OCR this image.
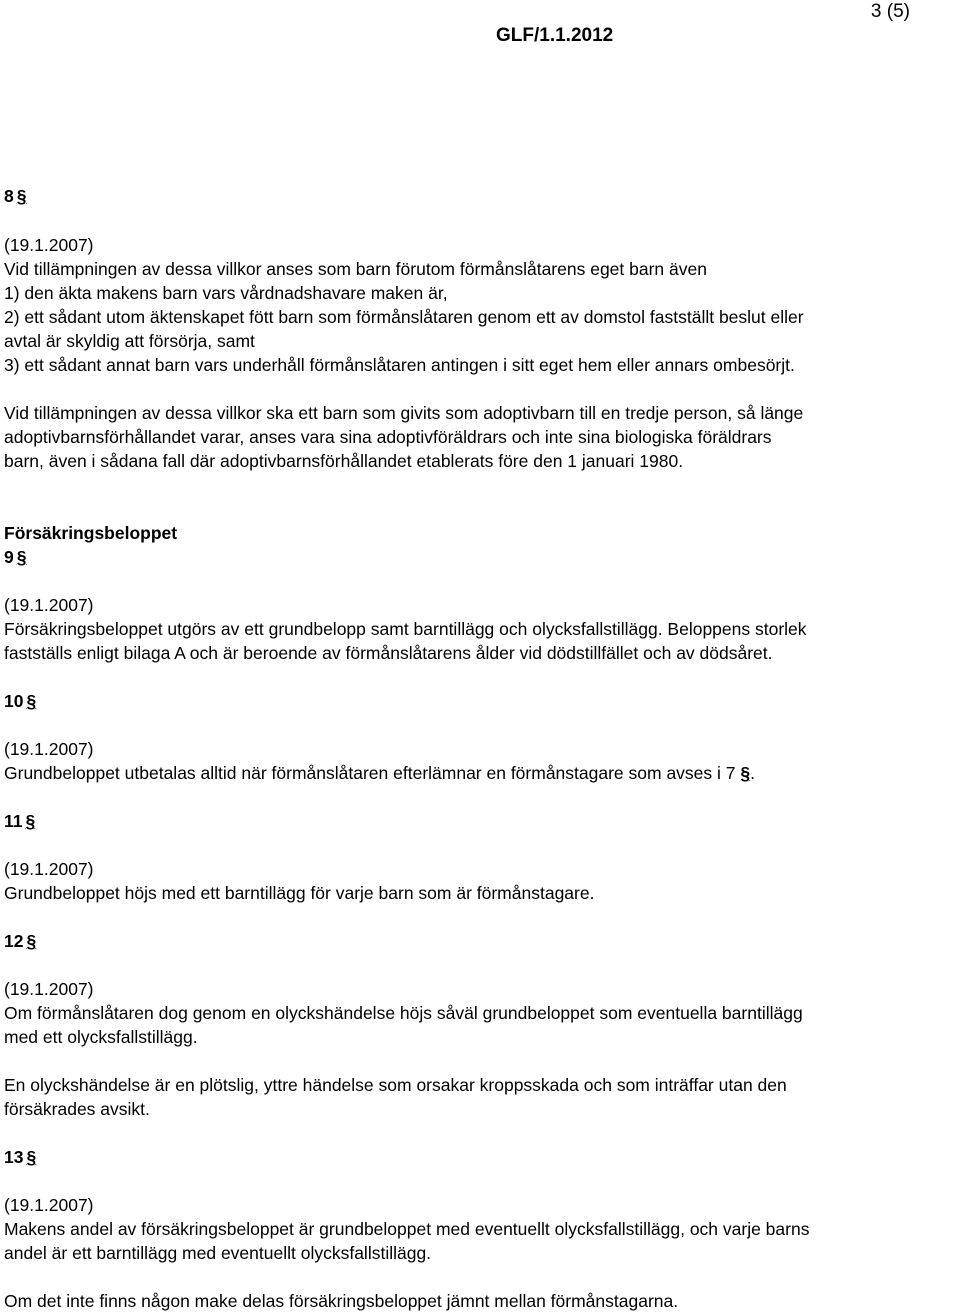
3 (5)
GLF/1.1.2012
8 §
(19.1.2007)
Vid tillämpningen av dessa villkor anses som barn förutom förmånslåtarens eget barn även
1) den äkta makens barn vars vårdnadshavare maken är,
2) ett sådant utom äktenskapet fött barn som förmånslåtaren genom ett av domstol fastställt beslut eller
avtal är skyldig att försörja, samt
3) ett sådant annat barn vars underhåll förmånslåtaren antingen i sitt eget hem eller annars ombesörjt.
Vid tillämpningen av dessa villkor ska ett barn som givits som adoptivbarn till en tredje person, så länge
adoptivbarnsförhållandet varar, anses vara sina adoptivföräldrars och inte sina biologiska föräldrars
barn, även i sådana fall där adoptivbarnsförhållandet etablerats före den 1 januari 1980.
Försäkringsbeloppet
9 §
(19.1.2007)
Försäkringsbeloppet utgörs av ett grundbelopp samt barntillägg och olycksfallstillägg. Beloppens storlek
fastställs enligt bilaga A och är beroende av förmånslåtarens ålder vid dödstillfället och av dödsåret.
10 §
(19.1.2007)
Grundbeloppet utbetalas alltid när förmånslåtaren efterlämnar en förmånstagare som avses i 7 §.
11 §
(19.1.2007)
Grundbeloppet höjs med ett barntillägg för varje barn som är förmånstagare.
12 §
(19.1.2007)
Om förmånslåtaren dog genom en olyckshändelse höjs såväl grundbeloppet som eventuella barntillägg
med ett olycksfallstillägg.
En olyckshändelse är en plötslig, yttre händelse som orsakar kroppsskada och som inträffar utan den
försäkrades avsikt.
13 §
(19.1.2007)
Makens andel av försäkringsbeloppet är grundbeloppet med eventuellt olycksfallstillägg, och varje barns
andel är ett barntillägg med eventuellt olycksfallstillägg.
Om det inte finns någon make delas försäkringsbeloppet jämnt mellan förmånstagarna.
